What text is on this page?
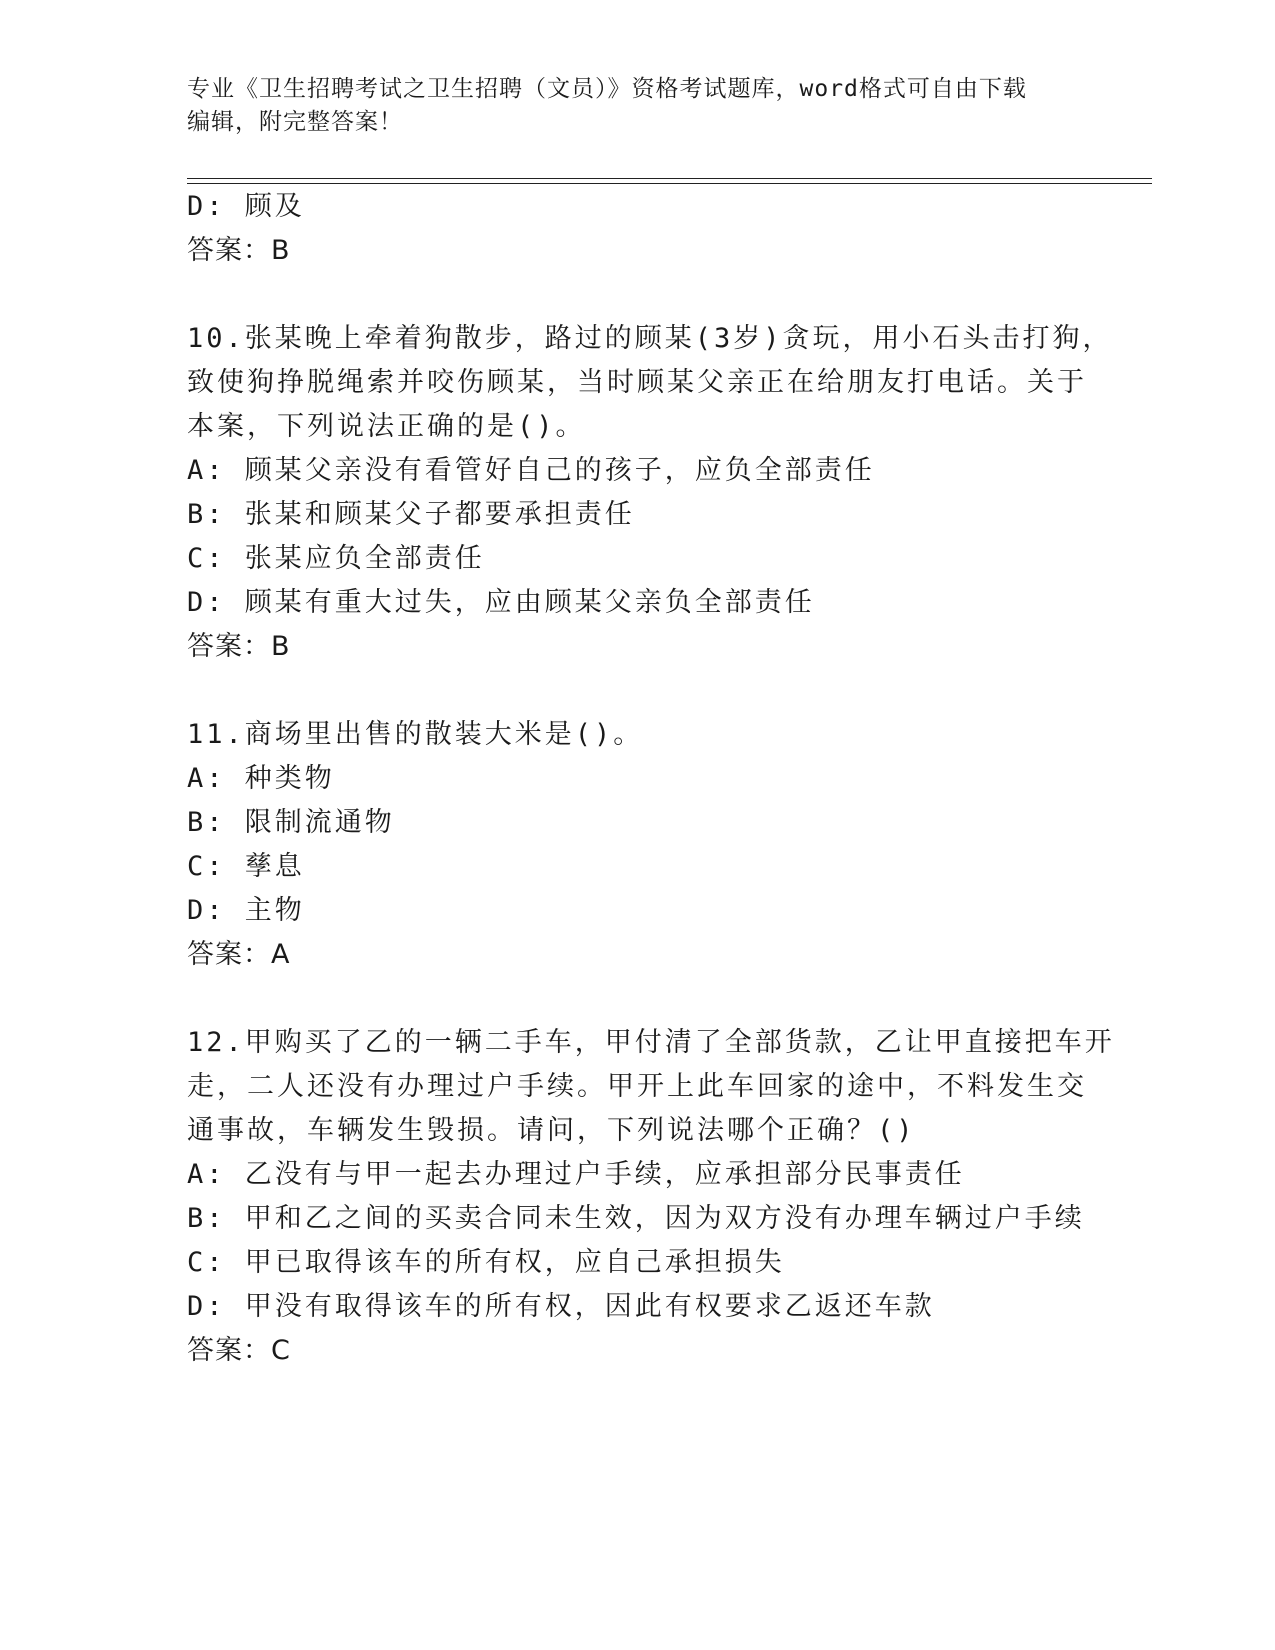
专业《卫生招聘考试之卫生招聘（文员）》资格考试题库，word格式可自由下载
编辑，附完整答案！
D: 顾及
答案：B
10.张某晚上牵着狗散步，路过的顾某(3岁)贪玩，用小石头击打狗，
致使狗挣脱绳索并咬伤顾某，当时顾某父亲正在给朋友打电话。关于
本案，下列说法正确的是()。
A: 顾某父亲没有看管好自己的孩子，应负全部责任
B: 张某和顾某父子都要承担责任
C: 张某应负全部责任
D: 顾某有重大过失，应由顾某父亲负全部责任
答案：B
11.商场里出售的散装大米是()。
A: 种类物
B: 限制流通物
C: 孳息
D: 主物
答案：A
12.甲购买了乙的一辆二手车，甲付清了全部货款，乙让甲直接把车开
走，二人还没有办理过户手续。甲开上此车回家的途中，不料发生交
通事故，车辆发生毁损。请问，下列说法哪个正确？()
A: 乙没有与甲一起去办理过户手续，应承担部分民事责任
B: 甲和乙之间的买卖合同未生效，因为双方没有办理车辆过户手续
C: 甲已取得该车的所有权，应自己承担损失
D: 甲没有取得该车的所有权，因此有权要求乙返还车款
答案：C
